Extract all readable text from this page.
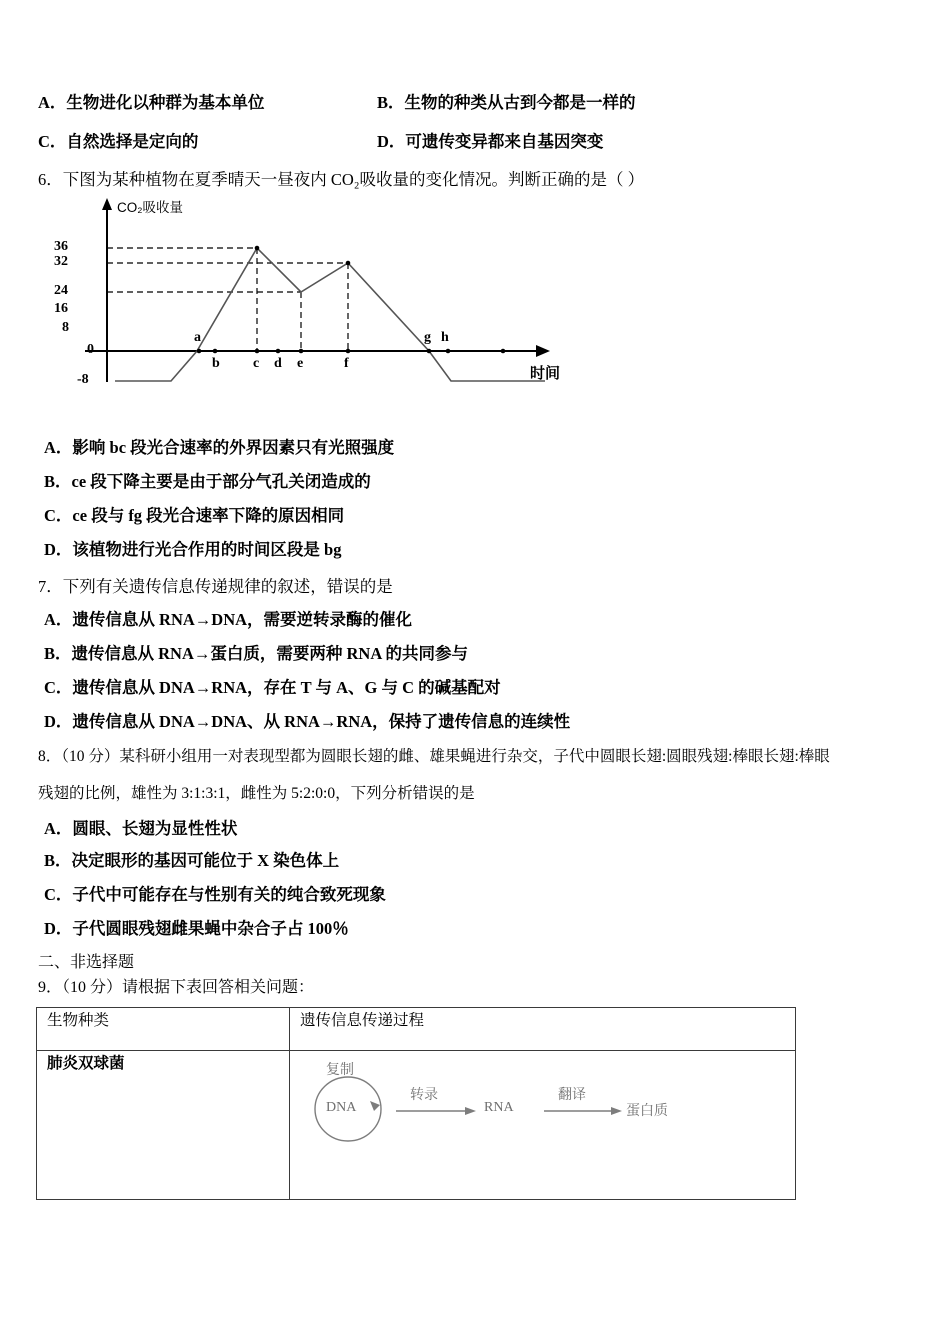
A．生物进化以种群为基本单位	B．生物的种类从古到今都是一样的
C．自然选择是定向的	D．可遗传变异都来自基因突变
6．下图为某种植物在夏季晴天一昼夜内 CO₂吸收量的变化情况。判断正确的是（ ）
36
32
24
16
8
0
-8
CO₂吸收量
a
b c d e	f
g h
时间
A．影响 bc 段光合速率的外界因素只有光照强度
B．ce 段下降主要是由于部分气孔关闭造成的
C．ce 段与 fg 段光合速率下降的原因相同
D．该植物进行光合作用的时间区段是 bg
7．下列有关遗传信息传递规律的叙述，错误的是
A．遗传信息从 RNA→DNA，需要逆转录酶的催化
B．遗传信息从 RNA→蛋白质，需要两种 RNA 的共同参与
C．遗传信息从 DNA→RNA，存在 T 与 A、G 与 C 的碱基配对
D．遗传信息从 DNA→DNA、从 RNA→RNA，保持了遗传信息的连续性
8．（10 分）某科研小组用一对表现型都为圆眼长翅的雌、雄果蝇进行杂交，子代中圆眼长翅:圆眼残翅:棒眼长翅:棒眼
残翅的比例，雄性为 3:1:3:1，雌性为 5:2:0:0，下列分析错误的是
A．圆眼、长翅为显性性状
B．决定眼形的基因可能位于 X 染色体上
C．子代中可能存在与性别有关的纯合致死现象
D．子代圆眼残翅雌果蝇中杂合子占 100％
二、非选择题
9．（10 分）请根据下表回答相关问题：
生物种类	遗传信息传递过程

肺炎双球菌	复制
DNA
转录
RNA
翻译
蛋白质
